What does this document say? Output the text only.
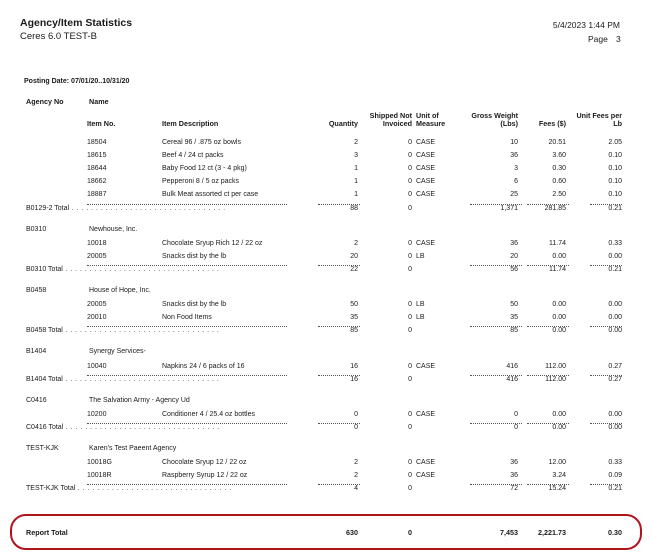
Agency/Item Statistics
Ceres 6.0 TEST-B
5/4/2023 1:44 PM
Page 3
Posting Date: 07/01/20..10/31/20
Agency No	Name
Item No.	Item Description	Quantity
Shipped Not
Invoiced
Unit of
Measure
Gross Weight
(Lbs)	Fees ($)
Unit Fees per
Lb
18504	Cereal 96 / .875 oz bowls	2	0 CASE	10	20.51	2.05
18615	Beef 4 / 24 ct packs	3	0 CASE	36	3.60	0.10
18644	Baby Food 12 ct (3 - 4 pkg)	1	0 CASE	3	0.30	0.10
18662	Pepperoni 8 / 5 oz packs	1	0 CASE	6	0.60	0.10
18887	Bulk Meat assorted ct per case	1	0 CASE	25	2.50	0.10
B0129-2 Total . . . . . . . . . . . . . . . . . . . . . . . . . . . . . . . .	88	0	1,371	281.85	0.21
B0310	Newhouse, Inc.
10018	Chocolate Sryup Rich 12 / 22 oz	2	0 CASE	36	11.74	0.33
20005	Snacks dist by the lb	20	0 LB	20	0.00	0.00
B0310 Total . . . . . . . . . . . . . . . . . . . . . . . . . . . . . . . .	22	0	56	11.74	0.21
B0458	House of Hope, Inc.
20005	Snacks dist by the lb	50	0 LB	50	0.00	0.00
20010	Non Food Items	35	0 LB	35	0.00	0.00
B0458 Total . . . . . . . . . . . . . . . . . . . . . . . . . . . . . . . .	85	0	85	0.00	0.00
B1404	Synergy Services-
10040	Napkins 24 / 6 packs of 16	16	0 CASE	416	112.00	0.27
B1404 Total . . . . . . . . . . . . . . . . . . . . . . . . . . . . . . . .	16	0	416	112.00	0.27
C0416	The Salvation Army - Agency Ud
10200	Conditioner 4 / 25.4 oz bottles	0	0 CASE	0	0.00	0.00
C0416 Total . . . . . . . . . . . . . . . . . . . . . . . . . . . . . . . .	0	0	0	0.00	0.00
TEST-KJK	Karen's Test Paeent Agency
10018G	Chocolate Sryup 12 / 22 oz	2	0 CASE	36	12.00	0.33
10018R	Raspberry Syrup 12 / 22 oz	2	0 CASE	36	3.24	0.09
TEST-KJK Total . . . . . . . . . . . . . . . . . . . . . . . . . . . . . . . .	4	0	72	15.24	0.21
Report Total	630	0	7,453	2,221.73	0.30
